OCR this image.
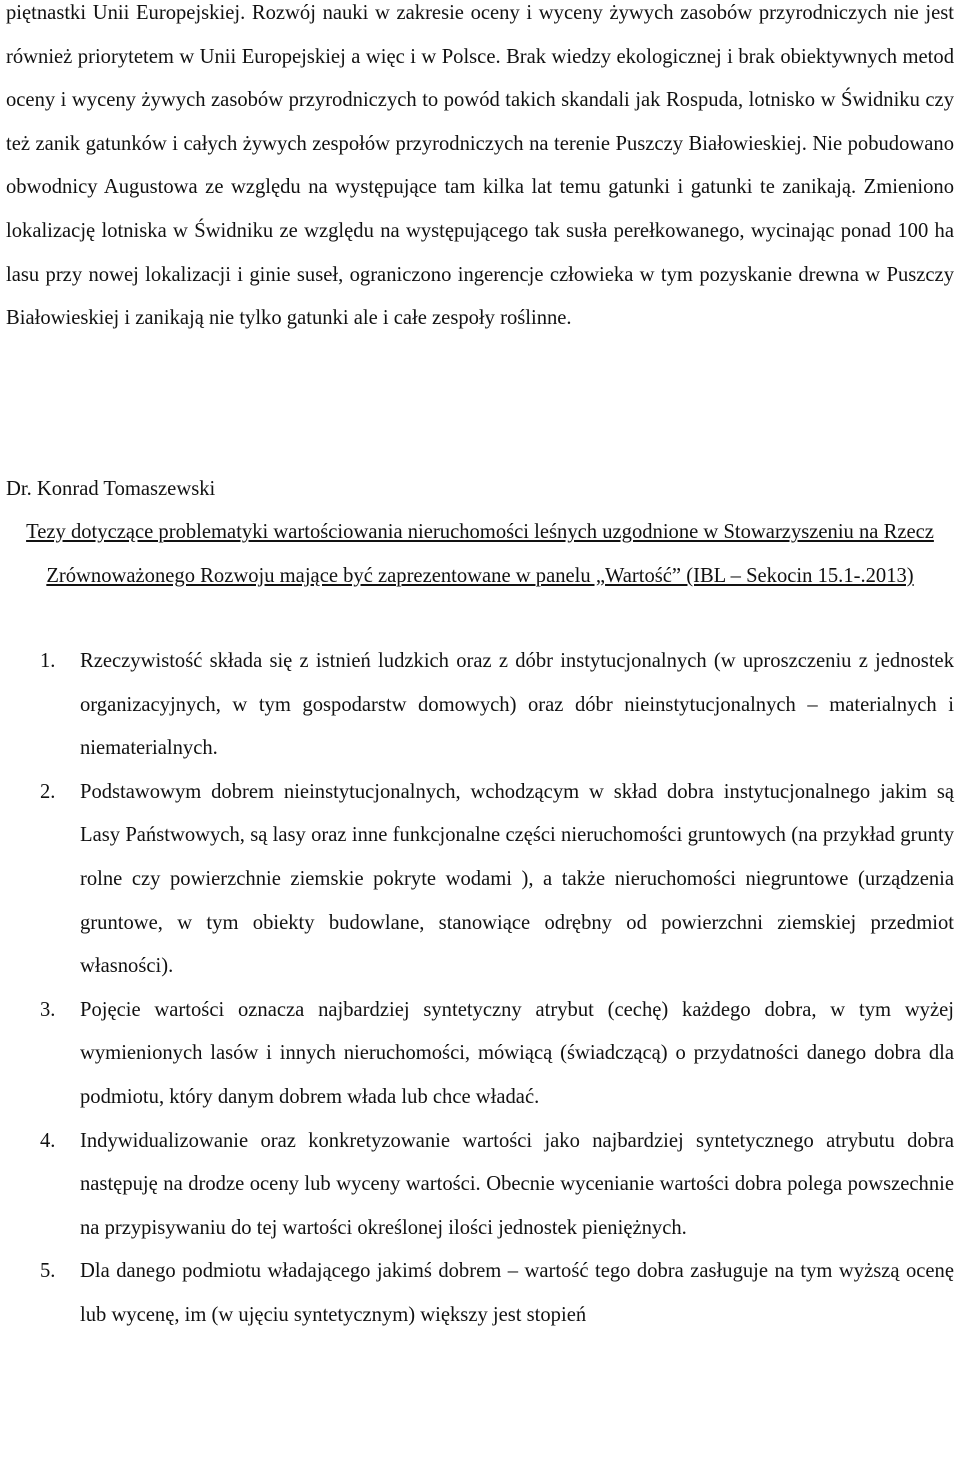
piętnastki Unii Europejskiej. Rozwój nauki w zakresie oceny i wyceny żywych zasobów przyrodniczych nie jest również priorytetem w Unii Europejskiej a więc i w Polsce. Brak wiedzy ekologicznej i brak obiektywnych metod oceny i wyceny żywych zasobów przyrodniczych to powód takich skandali jak Rospuda, lotnisko w Świdniku czy też zanik gatunków i całych żywych zespołów przyrodniczych na terenie Puszczy Białowieskiej. Nie pobudowano obwodnicy Augustowa ze względu na występujące tam kilka lat temu gatunki i gatunki te zanikają. Zmieniono lokalizację lotniska w Świdniku ze względu na występującego tak susła perełkowanego, wycinając ponad 100 ha lasu przy nowej lokalizacji i ginie suseł, ograniczono ingerencje człowieka w tym pozyskanie drewna w Puszczy Białowieskiej i zanikają nie tylko gatunki ale i całe zespoły roślinne.

Dr. Konrad Tomaszewski

Tezy dotyczące problematyki wartościowania nieruchomości leśnych uzgodnione w Stowarzyszeniu na Rzecz Zrównoważonego Rozwoju mające być zaprezentowane w panelu „Wartość” (IBL – Sekocin 15.1-.2013)

1. Rzeczywistość składa się z istnień ludzkich oraz z dóbr instytucjonalnych (w uproszczeniu z jednostek organizacyjnych, w tym gospodarstw domowych) oraz dóbr nieinstytucjonalnych – materialnych i niematerialnych.
2. Podstawowym dobrem nieinstytucjonalnych, wchodzącym w skład dobra instytucjonalnego jakim są Lasy Państwowych, są lasy oraz inne funkcjonalne części nieruchomości gruntowych (na przykład grunty rolne czy powierzchnie ziemskie pokryte wodami ), a także nieruchomości niegruntowe (urządzenia gruntowe, w tym obiekty budowlane, stanowiące odrębny od powierzchni ziemskiej przedmiot własności).
3. Pojęcie wartości oznacza najbardziej syntetyczny atrybut (cechę) każdego dobra, w tym wyżej wymienionych lasów i innych nieruchomości, mówiącą (świadczącą) o przydatności danego dobra dla podmiotu, który danym dobrem włada lub chce władać.
4. Indywidualizowanie oraz konkretyzowanie wartości jako najbardziej syntetycznego atrybutu dobra następuję na drodze oceny lub wyceny wartości. Obecnie wycenianie wartości dobra polega powszechnie na przypisywaniu do tej wartości określonej ilości jednostek pieniężnych.
5. Dla danego podmiotu władającego jakimś dobrem – wartość tego dobra zasługuje na tym wyższą ocenę lub wycenę, im (w ujęciu syntetycznym) większy jest stopień
